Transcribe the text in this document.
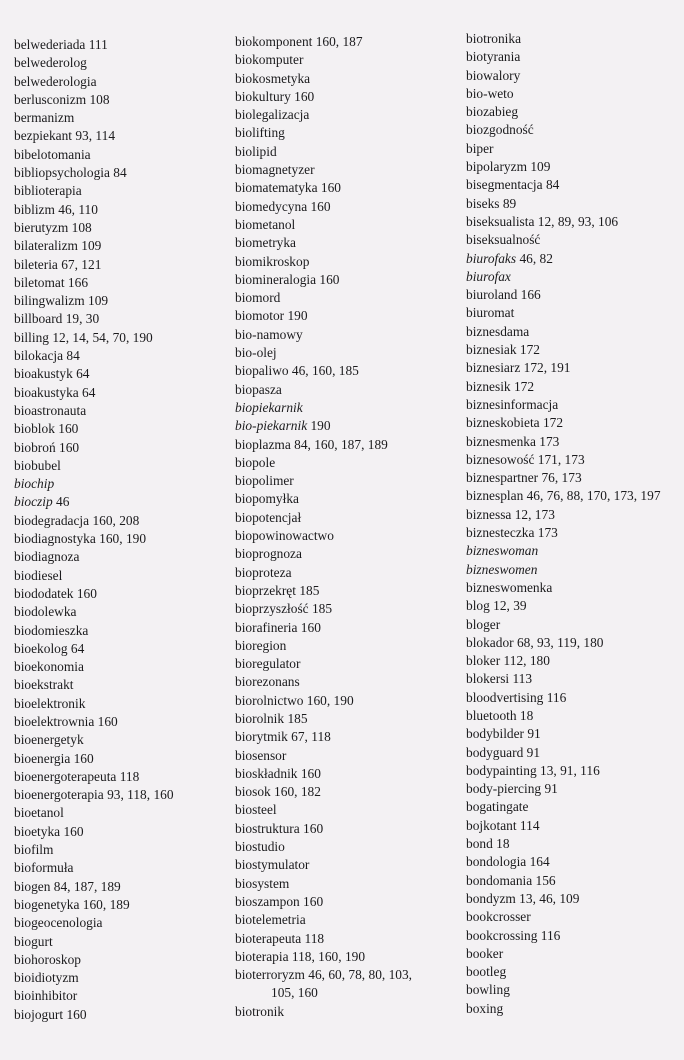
belwederiada 111
belwederolog
belwederologia
berlusconizm 108
bermanizm
bezpiekant 93, 114
bibelotomania
bibliopsychologia 84
biblioterapia
biblizm 46, 110
bierutyzm 108
bilateralizm 109
bileteria 67, 121
biletomat 166
bilingwalizm 109
billboard 19, 30
billing 12, 14, 54, 70, 190
bilokacja 84
bioakustyk 64
bioakustyka 64
bioastronauta
bioblok 160
biobroń 160
biobubel
biochip
bioczip 46
biodegradacja 160, 208
biodiagnostyka 160, 190
biodiagnoza
biodiesel
biododatek 160
biodolewka
biodomieszka
bioekolog 64
bioekonomia
bioekstrakt
bioelektronik
bioelektrownia 160
bioenergetyk
bioenergia 160
bioenergoterapeuta 118
bioenergoterapia 93, 118, 160
bioetanol
bioetyka 160
biofilm
bioformuła
biogen 84, 187, 189
biogenetyka 160, 189
biogeocenologia
biogurt
biohoroskop
bioidiotyzm
bioinhibitor
biojogurt 160
biokomponent 160, 187
biokomputer
biokosmetyka
biokultury 160
biolegalizacja
biolifting
biolipid
biomagnetyzer
biomatematyka 160
biomedycyna 160
biometanol
biometryka
biomikroskop
biomineralogia 160
biomord
biomotor 190
bio-namowy
bio-olej
biopaliwo 46, 160, 185
biopasza
biopiekarnik
bio-piekarnik 190
bioplazma 84, 160, 187, 189
biopole
biopolimer
biopomyłka
biopotencjał
biopowinowactwo
bioprognoza
bioproteza
bioprzekręt 185
bioprzyszłość 185
biorafineria 160
bioregion
bioregulator
biorezonans
biorolnictwo 160, 190
biorolnik 185
biorytmik 67, 118
biosensor
bioskładnik 160
biosok 160, 182
biosteel
biostruktura 160
biostudio
biostymulator
biosystem
bioszampon 160
biotelemetria
bioterapeuta 118
bioterapia 118, 160, 190
bioterroryzm 46, 60, 78, 80, 103,
105, 160
biotronik
biotronika
biotyrania
biowalory
bio-weto
biozabieg
biozgodność
biper
bipolaryzm 109
bisegmentacja 84
biseks 89
biseksualista 12, 89, 93, 106
biseksualność
biurofaks 46, 82
biurofax
biuroland 166
biuromat
biznesdama
biznesiak 172
biznesiarz 172, 191
biznesik 172
biznesinformacja
bizneskobieta 172
biznesmenka 173
biznesowość 171, 173
biznespartner 76, 173
biznesplan 46, 76, 88, 170, 173, 197
biznessa 12, 173
biznesteczka 173
bizneswoman
bizneswomen
bizneswomenka
blog 12, 39
bloger
blokador 68, 93, 119, 180
bloker 112, 180
blokersi 113
bloodvertising 116
bluetooth 18
bodybilder 91
bodyguard 91
bodypainting 13, 91, 116
body-piercing 91
bogatingate
bojkotant 114
bond 18
bondologia 164
bondomania 156
bondyzm 13, 46, 109
bookcrosser
bookcrossing 116
booker
bootleg
bowling
boxing
